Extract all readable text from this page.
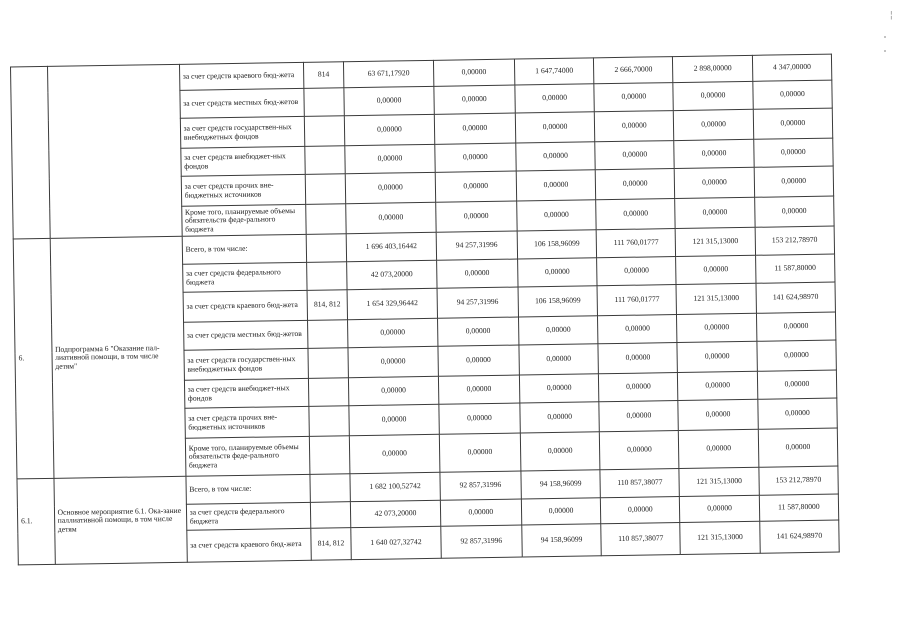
		за счет средств краевого бюд-жета	814	63 671,17920	0,00000	1 647,74000	2 666,70000	2 898,00000	4 347,00000
		за счет средств местных бюд-жетов		0,00000	0,00000	0,00000	0,00000	0,00000	0,00000
		за счет средств государствен-ных внебюджетных фондов		0,00000	0,00000	0,00000	0,00000	0,00000	0,00000
		за счет средств внебюджет-ных фондов		0,00000	0,00000	0,00000	0,00000	0,00000	0,00000
		за счет средств прочих вне-бюджетных источников		0,00000	0,00000	0,00000	0,00000	0,00000	0,00000
		Кроме того, планируемые объемы обязательств феде-рального бюджета		0,00000	0,00000	0,00000	0,00000	0,00000	0,00000
6.	Подпрограмма 6 "Оказание пал-лиативной помощи, в том числе детям"	Всего, в том числе:		1 696 403,16442	94 257,31996	106 158,96099	111 760,01777	121 315,13000	153 212,78970
		за счет средств федерального бюджета		42 073,20000	0,00000	0,00000	0,00000	0,00000	11 587,80000
		за счет средств краевого бюд-жета	814, 812	1 654 329,96442	94 257,31996	106 158,96099	111 760,01777	121 315,13000	141 624,98970
		за счет средств местных бюд-жетов		0,00000	0,00000	0,00000	0,00000	0,00000	0,00000
		за счет средств государствен-ных внебюджетных фондов		0,00000	0,00000	0,00000	0,00000	0,00000	0,00000
		за счет средств внебюджет-ных фондов		0,00000	0,00000	0,00000	0,00000	0,00000	0,00000
		за счет средств прочих вне-бюджетных источников		0,00000	0,00000	0,00000	0,00000	0,00000	0,00000
		Кроме того, планируемые объемы обязательств феде-рального бюджета		0,00000	0,00000	0,00000	0,00000	0,00000	0,00000
6.1.	Основное мероприятие 6.1. Ока-зание паллиативной помощи, в том числе детям	Всего, в том числе:		1 682 100,52742	92 857,31996	94 158,96099	110 857,38077	121 315,13000	153 212,78970
		за счет средств федерального бюджета		42 073,20000	0,00000	0,00000	0,00000	0,00000	11 587,80000
		за счет средств краевого бюд-жета	814, 812	1 640 027,32742	92 857,31996	94 158,96099	110 857,38077	121 315,13000	141 624,98970
¦
